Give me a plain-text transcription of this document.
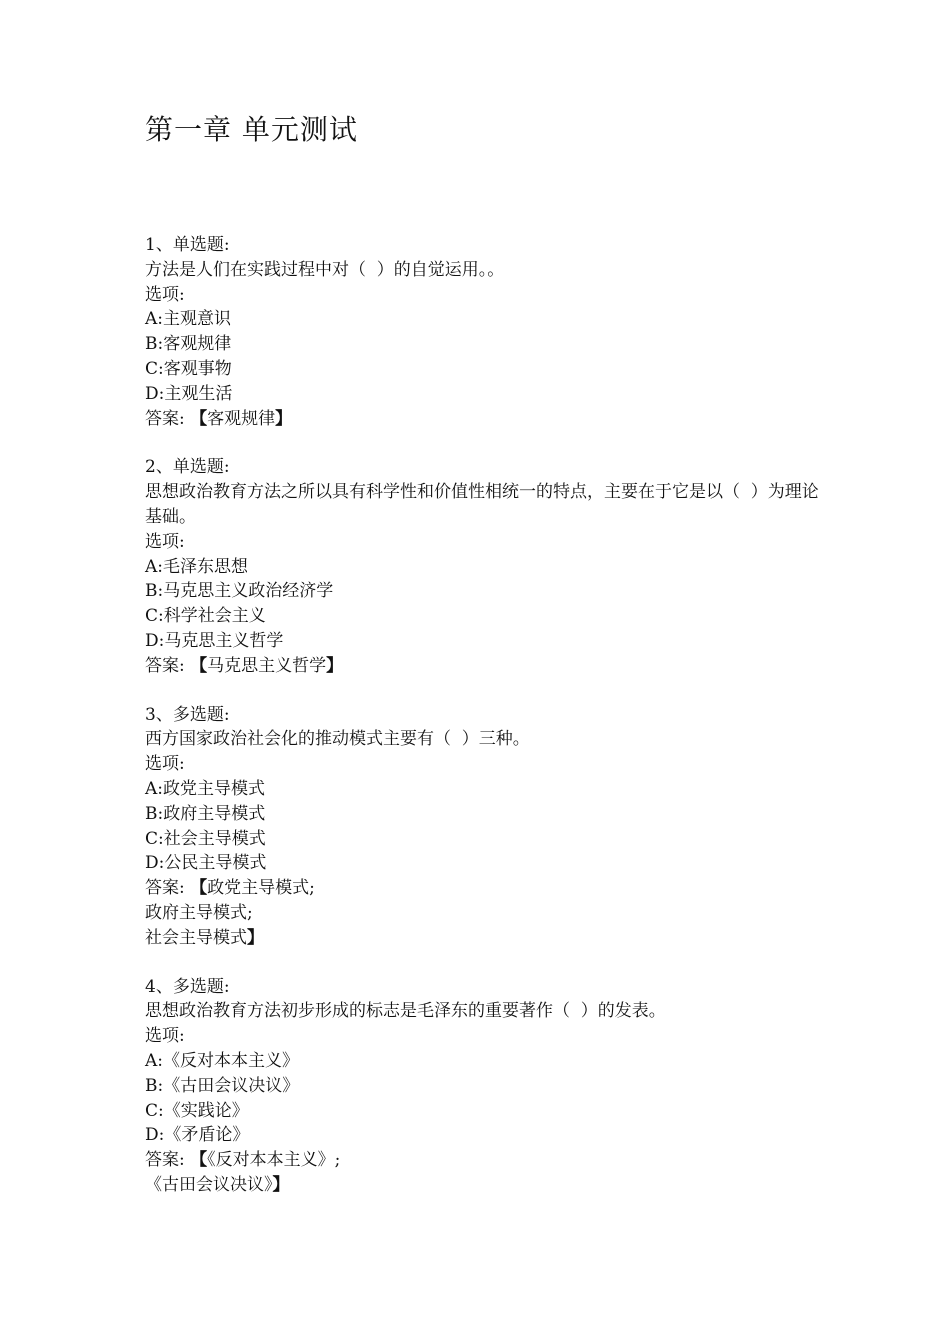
第一章 单元测试
1、单选题:
方法是人们在实践过程中对（  ）的自觉运用。。
选项:
A:主观意识
B:客观规律
C:客观事物
D:主观生活
答案: 【客观规律】
2、单选题:
思想政治教育方法之所以具有科学性和价值性相统一的特点，主要在于它是以（  ）为理论基础。
选项:
A:毛泽东思想
B:马克思主义政治经济学
C:科学社会主义
D:马克思主义哲学
答案: 【马克思主义哲学】
3、多选题:
西方国家政治社会化的推动模式主要有（  ）三种。
选项:
A:政党主导模式
B:政府主导模式
C:社会主导模式
D:公民主导模式
答案: 【政党主导模式;
政府主导模式;
社会主导模式】
4、多选题:
思想政治教育方法初步形成的标志是毛泽东的重要著作（  ）的发表。
选项:
A:《反对本本主义》
B:《古田会议决议》
C:《实践论》
D:《矛盾论》
答案: 【《反对本本主义》;
《古田会议决议》】
